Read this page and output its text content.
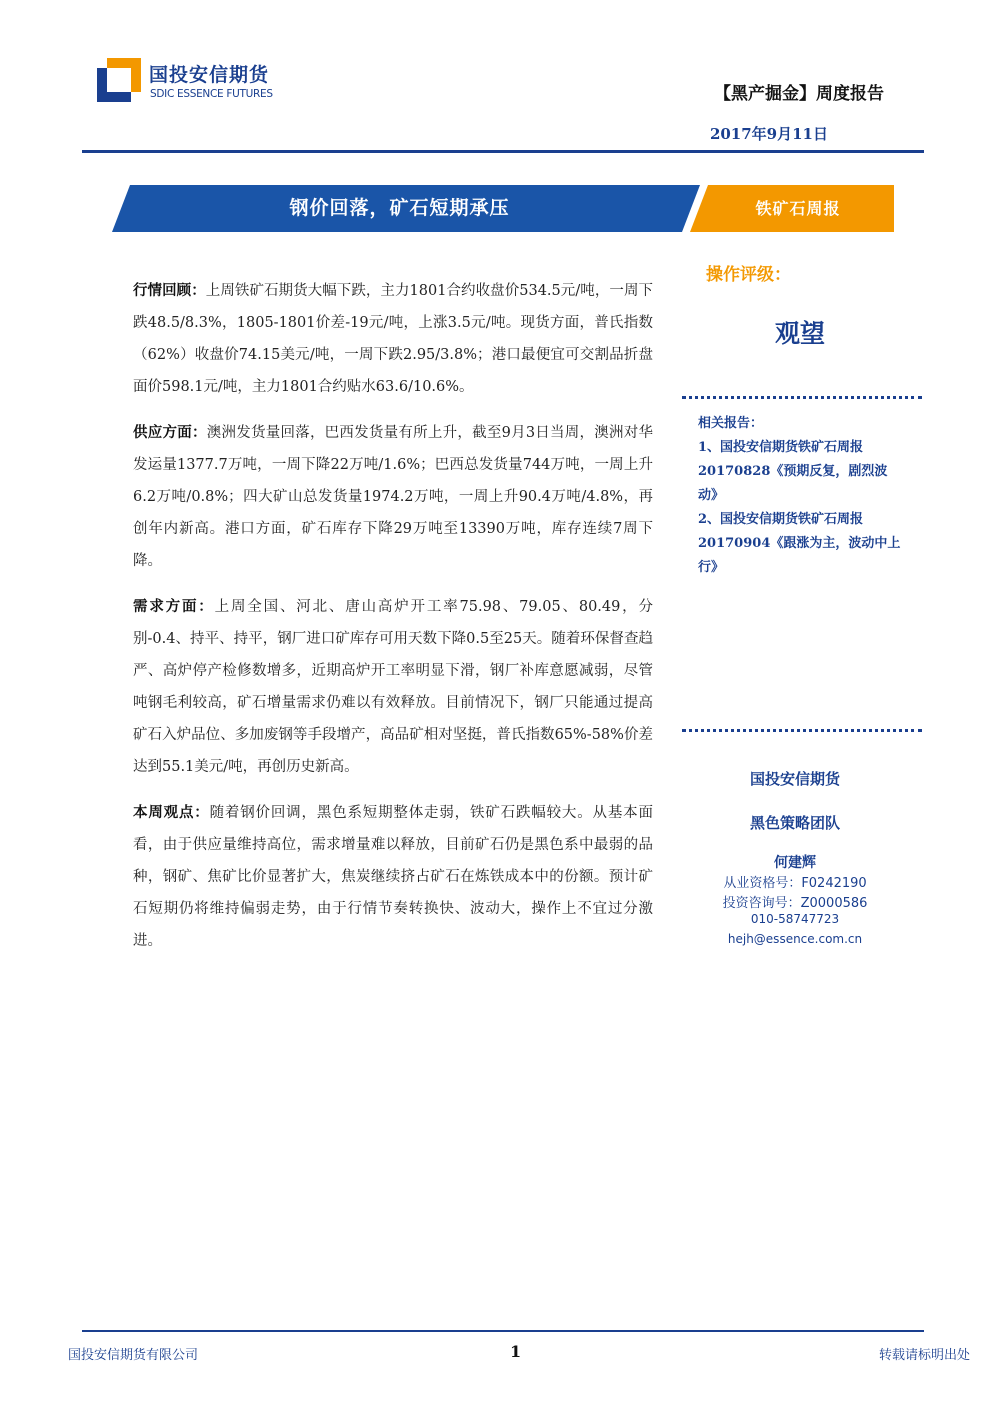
国投安信期货
SDIC ESSENCE FUTURES	【黑产掘金】周度报告
2017年9月11日
钢价回落，矿石短期承压	铁矿石周报

行情回顾：上周铁矿石期货大幅下跌，主力1801合约收盘价534.5元/吨，一周下跌48.5/8.3%，1805-1801价差-19元/吨，上涨3.5元/吨。现货方面，普氏指数（62%）收盘价74.15美元/吨，一周下跌2.95/3.8%；港口最便宜可交割品折盘面价598.1元/吨，主力1801合约贴水63.6/10.6%。

供应方面：澳洲发货量回落，巴西发货量有所上升，截至9月3日当周，澳洲对华发运量1377.7万吨，一周下降22万吨/1.6%；巴西总发货量744万吨，一周上升6.2万吨/0.8%；四大矿山总发货量1974.2万吨，一周上升90.4万吨/4.8%，再创年内新高。港口方面，矿石库存下降29万吨至13390万吨，库存连续7周下降。

需求方面：上周全国、河北、唐山高炉开工率75.98、79.05、80.49，分别-0.4、持平、持平，钢厂进口矿库存可用天数下降0.5至25天。随着环保督查趋严、高炉停产检修数增多，近期高炉开工率明显下滑，钢厂补库意愿减弱，尽管吨钢毛利较高，矿石增量需求仍难以有效释放。目前情况下，钢厂只能通过提高矿石入炉品位、多加废钢等手段增产，高品矿相对坚挺，普氏指数65%-58%价差达到55.1美元/吨，再创历史新高。

本周观点：随着钢价回调，黑色系短期整体走弱，铁矿石跌幅较大。从基本面看，由于供应量维持高位，需求增量难以释放，目前矿石仍是黑色系中最弱的品种，钢矿、焦矿比价显著扩大，焦炭继续挤占矿石在炼铁成本中的份额。预计矿石短期仍将维持偏弱走势，由于行情节奏转换快、波动大，操作上不宜过分激进。

操作评级：
观望

相关报告：

1、国投安信期货铁矿石周报20170828《预期反复，剧烈波动》

2、国投安信期货铁矿石周报20170904《跟涨为主，波动中上行》

国投安信期货

黑色策略团队

何建辉

从业资格号：F0242190

投资咨询号：Z0000586

010-58747723

hejh@essence.com.cn

国投安信期货有限公司	1	转载请标明出处
